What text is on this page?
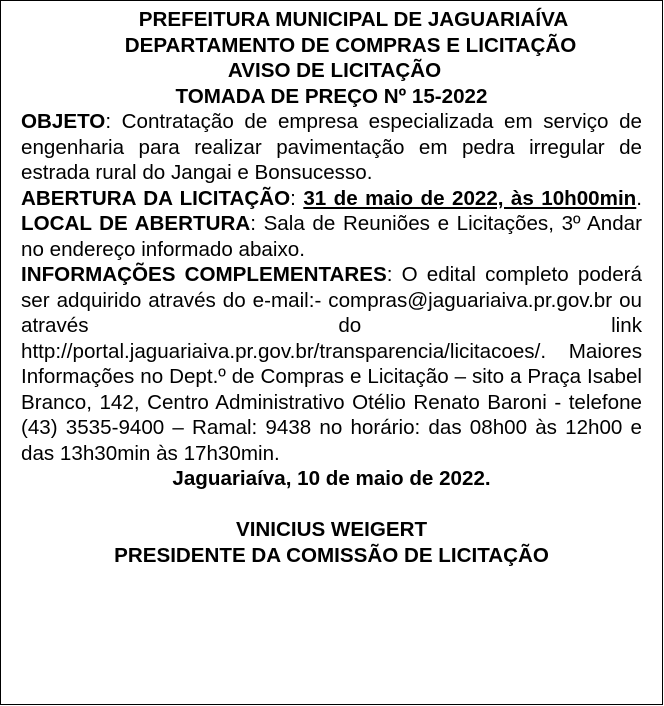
PREFEITURA MUNICIPAL DE JAGUARIAÍVA
DEPARTAMENTO DE COMPRAS E LICITAÇÃO
AVISO DE LICITAÇÃO
TOMADA DE PREÇO Nº 15-2022
OBJETO: Contratação de empresa especializada em serviço de engenharia para realizar pavimentação em pedra irregular de estrada rural do Jangai e Bonsucesso.
ABERTURA DA LICITAÇÃO: 31 de maio de 2022, às 10h00min. LOCAL DE ABERTURA: Sala de Reuniões e Licitações, 3º Andar no endereço informado abaixo.
INFORMAÇÕES COMPLEMENTARES: O edital completo poderá ser adquirido através do e-mail:- compras@jaguariaiva.pr.gov.br ou através do link
http://portal.jaguariaiva.pr.gov.br/transparencia/licitacoes/. Maiores Informações no Dept.º de Compras e Licitação – sito a Praça Isabel Branco, 142, Centro Administrativo Otélio Renato Baroni - telefone (43) 3535-9400 – Ramal: 9438 no horário: das 08h00 às 12h00 e das 13h30min às 17h30min.
Jaguariaíva, 10 de maio de 2022.
VINICIUS WEIGERT
PRESIDENTE DA COMISSÃO DE LICITAÇÃO
